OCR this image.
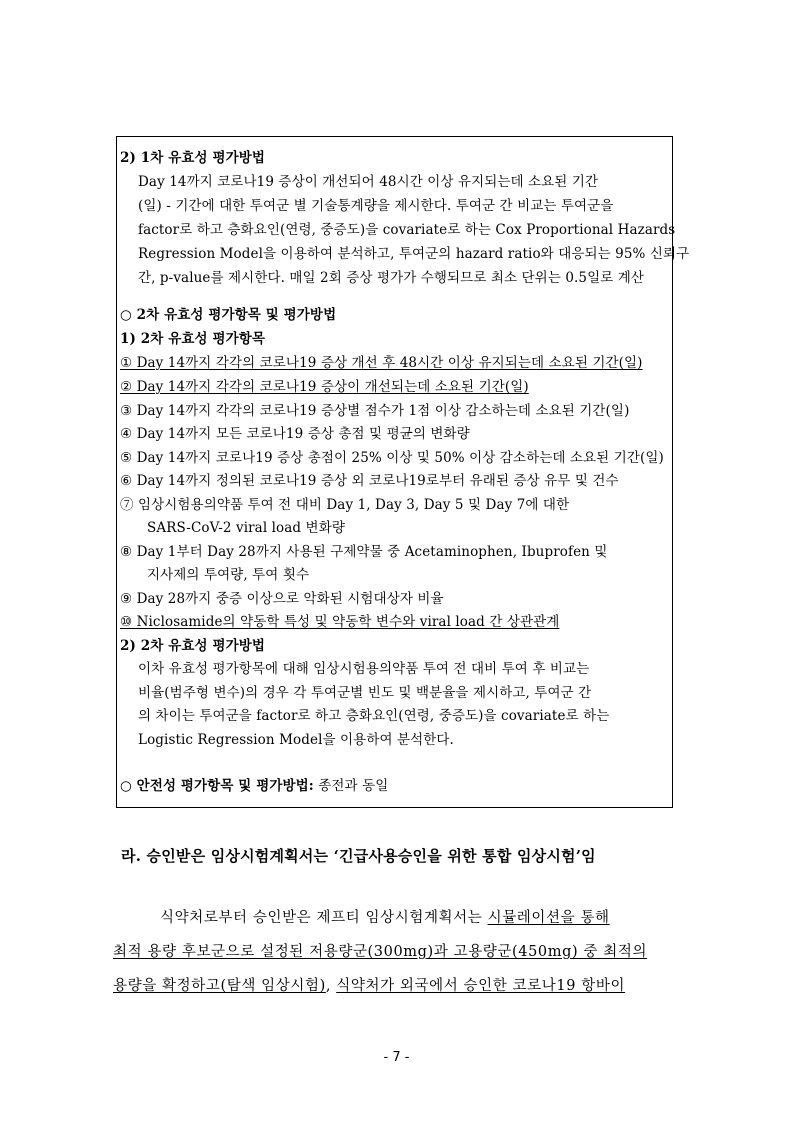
2) 1차 유효성 평가방법
Day 14까지 코로나19 증상이 개선되어 48시간 이상 유지되는데 소요된 기간
(일) - 기간에 대한 투여군 별 기술통계량을 제시한다. 투여군 간 비교는 투여군을
factor로 하고 층화요인(연령, 중증도)을 covariate로 하는 Cox Proportional Hazards
Regression Model을 이용하여 분석하고, 투여군의 hazard ratio와 대응되는 95% 신뢰구
간, p-value를 제시한다. 매일 2회 증상 평가가 수행되므로 최소 단위는 0.5일로 계산
○ 2차 유효성 평가항목 및 평가방법
1) 2차 유효성 평가항목
① Day 14까지 각각의 코로나19 증상 개선 후 48시간 이상 유지되는데 소요된 기간(일)
② Day 14까지 각각의 코로나19 증상이 개선되는데 소요된 기간(일)
③ Day 14까지 각각의 코로나19 증상별 점수가 1점 이상 감소하는데 소요된 기간(일)
④ Day 14까지 모든 코로나19 증상 총점 및 평균의 변화량
⑤ Day 14까지 코로나19 증상 총점이 25% 이상 및 50% 이상 감소하는데 소요된 기간(일)
⑥ Day 14까지 정의된 코로나19 증상 외 코로나19로부터 유래된 증상 유무 및 건수
⑦ 임상시험용의약품 투여 전 대비 Day 1, Day 3, Day 5 및 Day 7에 대한
SARS-CoV-2 viral load 변화량
⑧ Day 1부터 Day 28까지 사용된 구제약물 중 Acetaminophen, Ibuprofen 및
지사제의 투여량, 투여 횟수
⑨ Day 28까지 중증 이상으로 악화된 시험대상자 비율
⑩ Niclosamide의 약동학 특성 및 약동학 변수와 viral load 간 상관관계
2) 2차 유효성 평가방법
이차 유효성 평가항목에 대해 임상시험용의약품 투여 전 대비 투여 후 비교는
비율(범주형 변수)의 경우 각 투여군별 빈도 및 백분율을 제시하고, 투여군 간
의 차이는 투여군을 factor로 하고 층화요인(연령, 중증도)을 covariate로 하는
Logistic Regression Model을 이용하여 분석한다.
○ 안전성 평가항목 및 평가방법: 종전과 동일
라. 승인받은 임상시험계획서는 ‘긴급사용승인을 위한 통합 임상시험’임
식약처로부터 승인받은 제프티 임상시험계획서는 시뮬레이션을 통해
최적 용량 후보군으로 설정된 저용량군(300mg)과 고용량군(450mg) 중 최적의
용량을 확정하고(탐색 임상시험), 식약처가 외국에서 승인한 코로나19 항바이
- 7 -
